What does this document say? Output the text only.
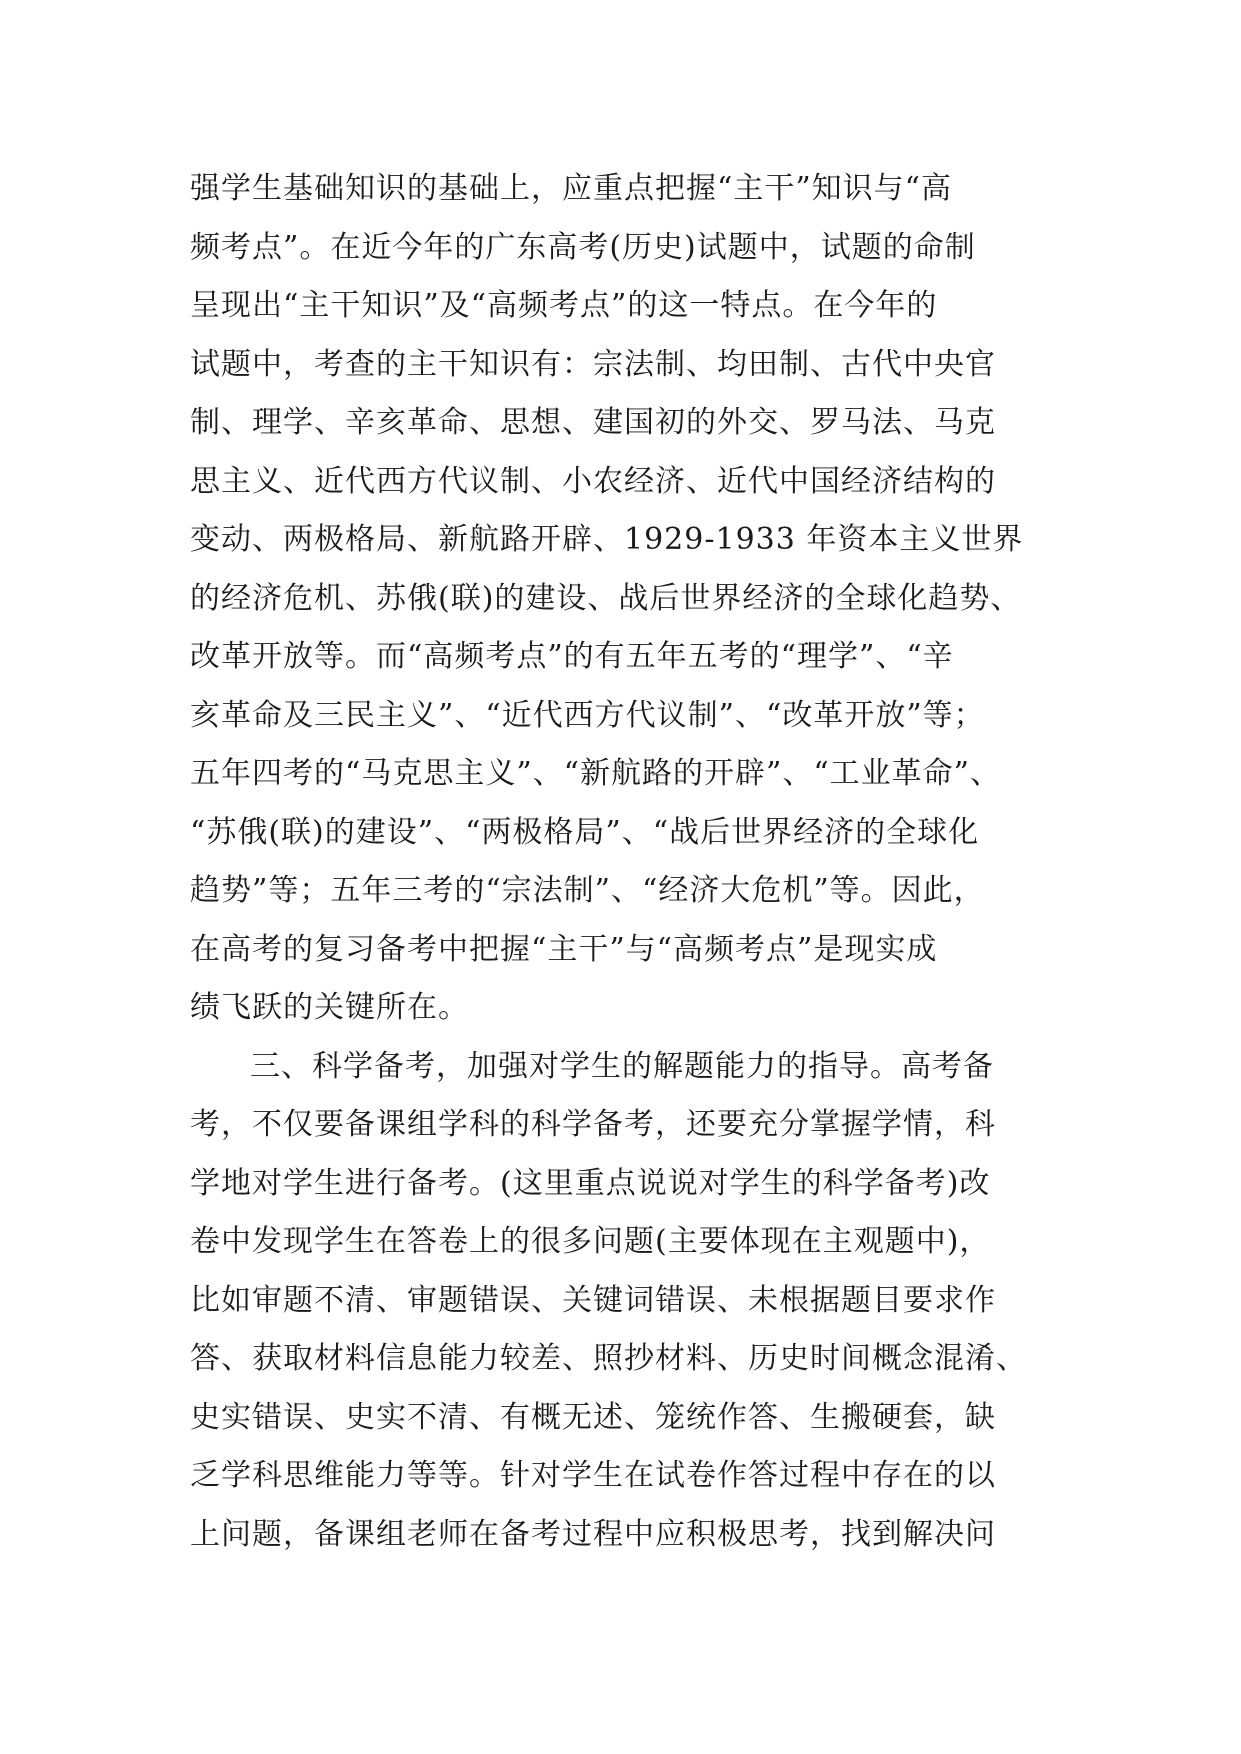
强学生基础知识的基础上，应重点把握“主干”知识与“高
频考点”。在近今年的广东高考(历史)试题中，试题的命制
呈现出“主干知识”及“高频考点”的这一特点。在今年的
试题中，考查的主干知识有：宗法制、均田制、古代中央官
制、理学、辛亥革命、思想、建国初的外交、罗马法、马克
思主义、近代西方代议制、小农经济、近代中国经济结构的
变动、两极格局、新航路开辟、1929-1933 年资本主义世界
的经济危机、苏俄(联)的建设、战后世界经济的全球化趋势、
改革开放等。而“高频考点”的有五年五考的“理学”、“辛
亥革命及三民主义”、“近代西方代议制”、“改革开放”等；
五年四考的“马克思主义”、“新航路的开辟”、“工业革命”、
“苏俄(联)的建设”、“两极格局”、“战后世界经济的全球化
趋势”等；五年三考的“宗法制”、“经济大危机”等。因此，
在高考的复习备考中把握“主干”与“高频考点”是现实成
绩飞跃的关键所在。
三、科学备考，加强对学生的解题能力的指导。高考备
考，不仅要备课组学科的科学备考，还要充分掌握学情，科
学地对学生进行备考。(这里重点说说对学生的科学备考)改
卷中发现学生在答卷上的很多问题(主要体现在主观题中)，
比如审题不清、审题错误、关键词错误、未根据题目要求作
答、获取材料信息能力较差、照抄材料、历史时间概念混淆、
史实错误、史实不清、有概无述、笼统作答、生搬硬套，缺
乏学科思维能力等等。针对学生在试卷作答过程中存在的以
上问题，备课组老师在备考过程中应积极思考，找到解决问
